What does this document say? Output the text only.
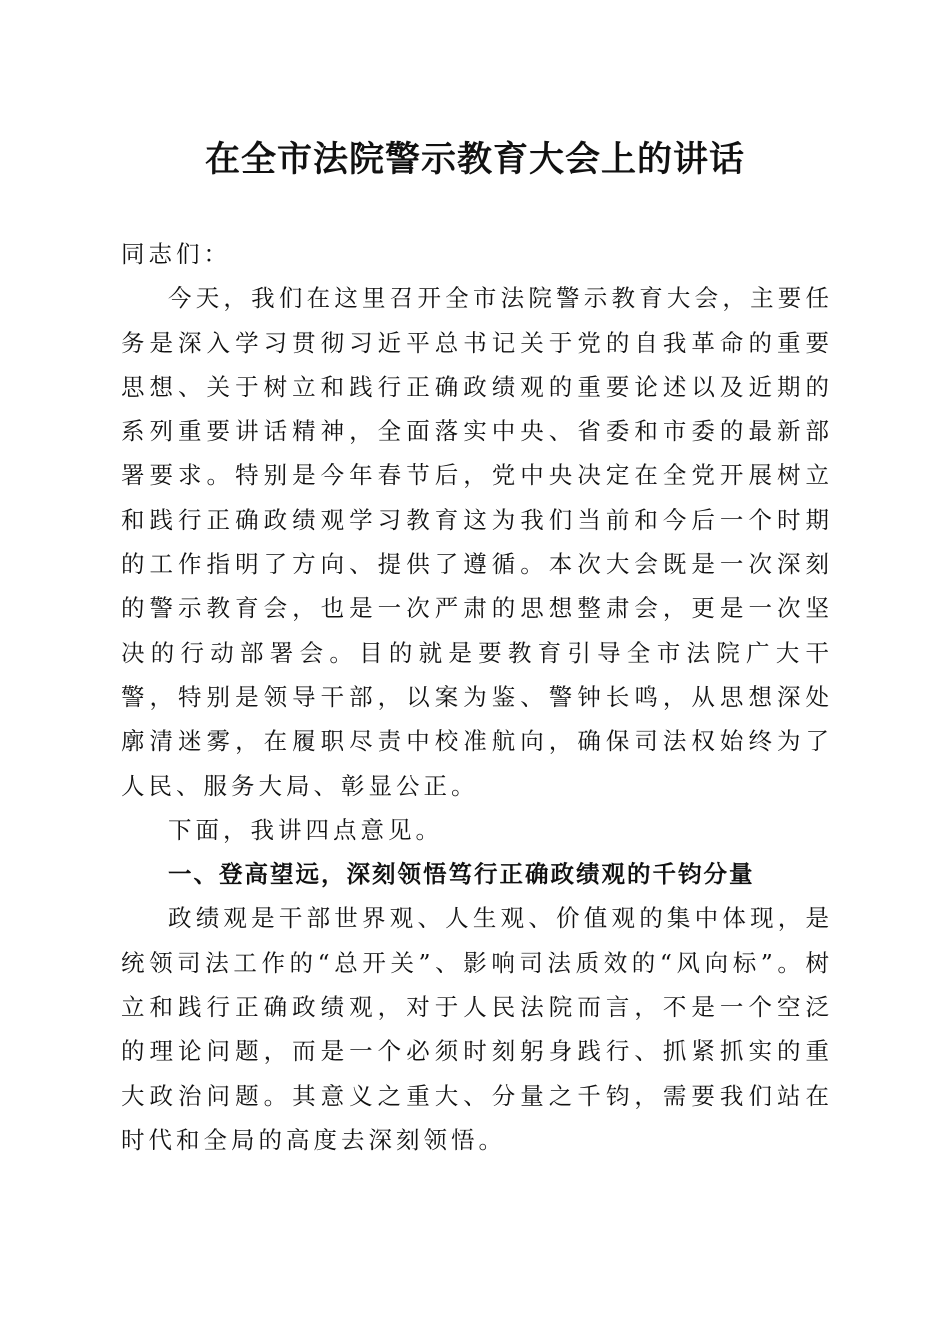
在全市法院警示教育大会上的讲话

同志们：

今天，我们在这里召开全市法院警示教育大会，主要任务是深入学习贯彻习近平总书记关于党的自我革命的重要思想、关于树立和践行正确政绩观的重要论述以及近期的系列重要讲话精神，全面落实中央、省委和市委的最新部署要求。特别是今年春节后，党中央决定在全党开展树立和践行正确政绩观学习教育这为我们当前和今后一个时期的工作指明了方向、提供了遵循。本次大会既是一次深刻的警示教育会，也是一次严肃的思想整肃会，更是一次坚决的行动部署会。目的就是要教育引导全市法院广大干警，特别是领导干部，以案为鉴、警钟长鸣，从思想深处廓清迷雾，在履职尽责中校准航向，确保司法权始终为了人民、服务大局、彰显公正。

下面，我讲四点意见。

一、登高望远，深刻领悟笃行正确政绩观的千钧分量

政绩观是干部世界观、人生观、价值观的集中体现，是统领司法工作的“总开关”、影响司法质效的“风向标”。树立和践行正确政绩观，对于人民法院而言，不是一个空泛的理论问题，而是一个必须时刻躬身践行、抓紧抓实的重大政治问题。其意义之重大、分量之千钧，需要我们站在时代和全局的高度去深刻领悟。
